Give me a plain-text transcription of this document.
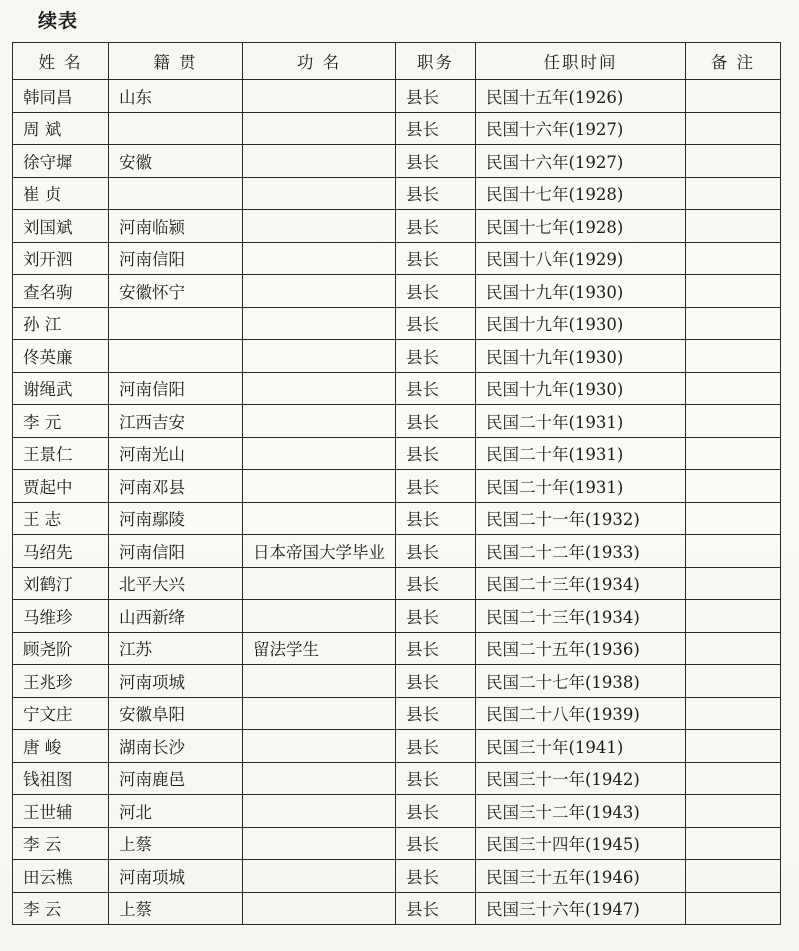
续表
姓 名	籍 贯	功 名	职务	任职时间	备 注
韩同昌	山东		县长	民国十五年(1926)	
周 斌			县长	民国十六年(1927)	
徐守墀	安徽		县长	民国十六年(1927)	
崔 贞			县长	民国十七年(1928)	
刘国斌	河南临颍		县长	民国十七年(1928)	
刘开泗	河南信阳		县长	民国十八年(1929)	
查名驹	安徽怀宁		县长	民国十九年(1930)	
孙 江			县长	民国十九年(1930)	
佟英廉			县长	民国十九年(1930)	
谢绳武	河南信阳		县长	民国十九年(1930)	
李 元	江西吉安		县长	民国二十年(1931)	
王景仁	河南光山		县长	民国二十年(1931)	
贾起中	河南邓县		县长	民国二十年(1931)	
王 志	河南鄢陵		县长	民国二十一年(1932)	
马绍先	河南信阳	日本帝国大学毕业	县长	民国二十二年(1933)	
刘鹤汀	北平大兴		县长	民国二十三年(1934)	
马维珍	山西新绛		县长	民国二十三年(1934)	
顾尧阶	江苏	留法学生	县长	民国二十五年(1936)	
王兆珍	河南项城		县长	民国二十七年(1938)	
宁文庄	安徽阜阳		县长	民国二十八年(1939)	
唐 峻	湖南长沙		县长	民国三十年(1941)	
钱祖图	河南鹿邑		县长	民国三十一年(1942)	
王世辅	河北		县长	民国三十二年(1943)	
李 云	上蔡		县长	民国三十四年(1945)	
田云樵	河南项城		县长	民国三十五年(1946)	
李 云	上蔡		县长	民国三十六年(1947)	
